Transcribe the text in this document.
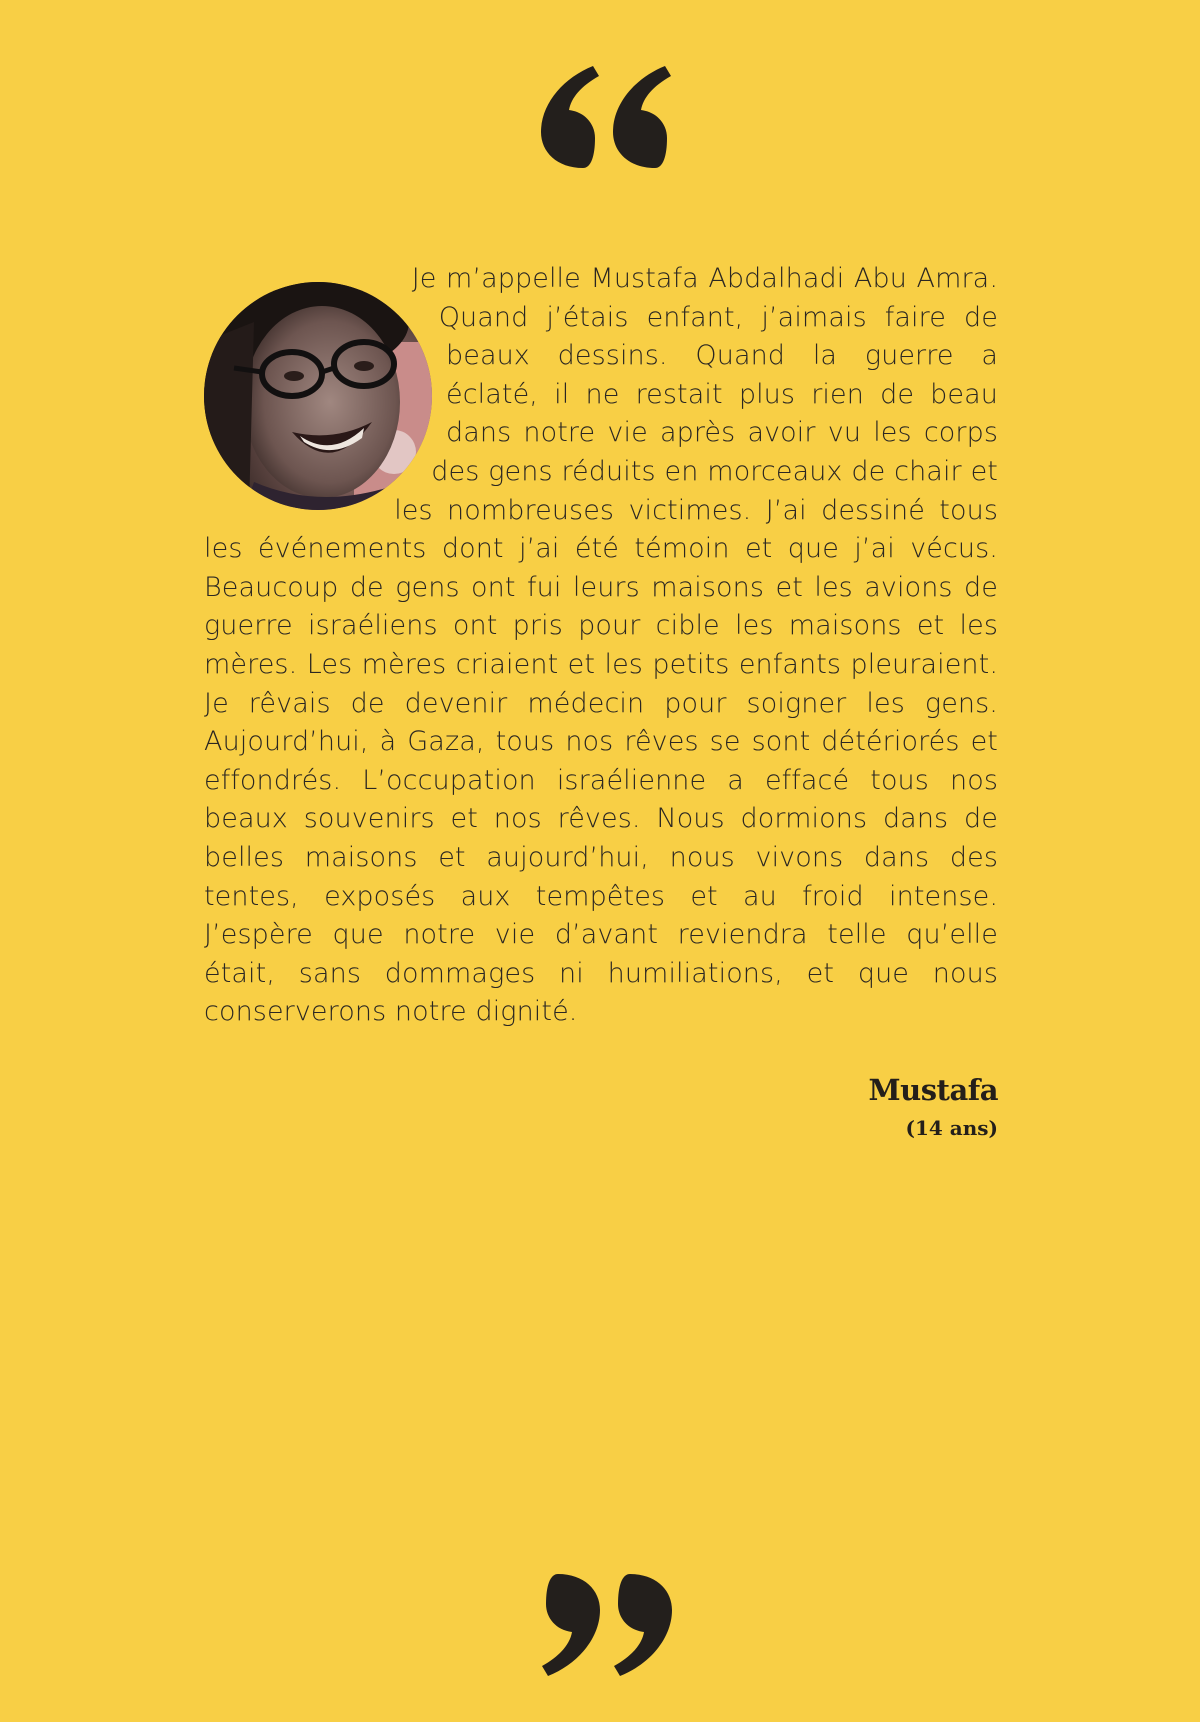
Je m’appelle Mustafa Abdalhadi Abu Amra. Quand j’étais enfant, j’aimais faire de beaux dessins. Quand la guerre a éclaté, il ne restait plus rien de beau dans notre vie après avoir vu les corps des gens réduits en morceaux de chair et les nombreuses victimes. J’ai dessiné tous les événements dont j’ai été témoin et que j’ai vécus. Beaucoup de gens ont fui leurs maisons et les avions de guerre israéliens ont pris pour cible les maisons et les mères. Les mères criaient et les petits enfants pleuraient. Je rêvais de devenir médecin pour soigner les gens. Aujourd’hui, à Gaza, tous nos rêves se sont détériorés et effondrés. L’occupation israélienne a effacé tous nos beaux souvenirs et nos rêves. Nous dormions dans de belles maisons et aujourd’hui, nous vivons dans des tentes, exposés aux tempêtes et au froid intense. J’espère que notre vie d’avant reviendra telle qu’elle était, sans dommages ni humiliations, et que nous conserverons notre dignité.
Mustafa
(14 ans)
